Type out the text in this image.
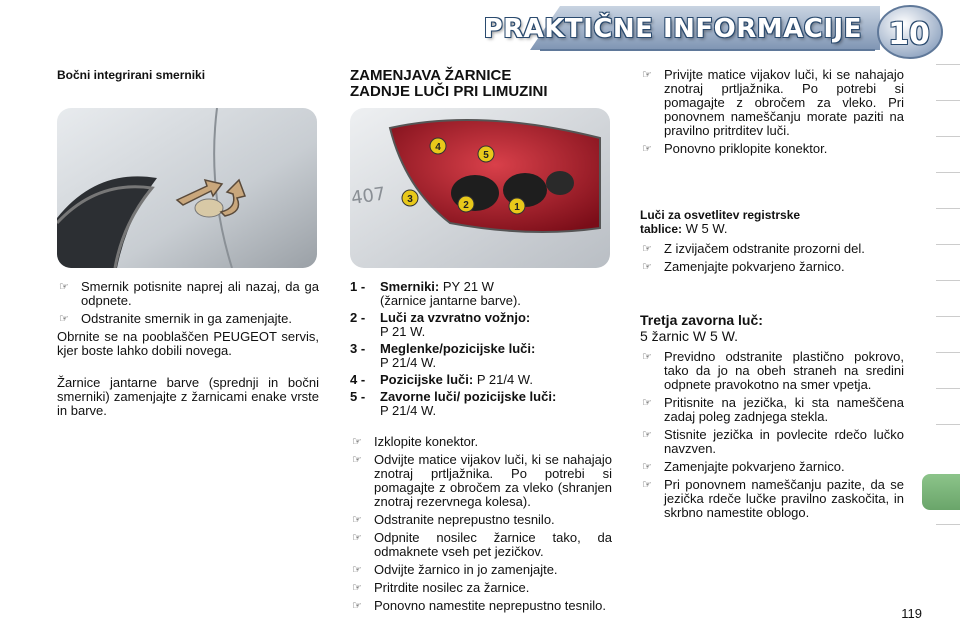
PRAKTIČNE INFORMACIJE 10
Bočni integrirani smerniki
☞ Smernik potisnite naprej ali nazaj, da ga odpnete.
☞ Odstranite smernik in ga zamenjajte.

Obrnite se na pooblaščen PEUGEOT servis, kjer boste lahko dobili novega.

Žarnice jantarne barve (sprednji in bočni smerniki) zamenjajte z žarnicami enake vrste in barve.

ZAMENJAVA ŽARNICE

ZADNJE LUČI PRI LIMUZINI

407
4
5
3
2	1
1 -	Smerniki: PY 21 W
(žarnice jantarne barve).
2 -	Luči za vzvratno vožnjo:
P 21 W.
3 -	Meglenke/pozicijske luči:
P 21/4 W.
4 -	Pozicijske luči: P 21/4 W.
5 -	Zavorne luči/ pozicijske luči:
P 21/4 W.
☞ Izklopite konektor.
☞ Odvijte matice vijakov luči, ki se nahajajo znotraj prtljažnika. Po potrebi si pomagajte z obročem za vleko (shranjen znotraj rezervnega kolesa).
☞ Odstranite neprepustno tesnilo.
☞ Odpnite nosilec žarnice tako, da odmaknete vseh pet jezičkov.
☞ Odvijte žarnico in jo zamenjajte.
☞ Pritrdite nosilec za žarnice.
☞ Ponovno namestite neprepustno tesnilo.
☞ Privijte matice vijakov luči, ki se nahajajo znotraj prtljažnika. Po potrebi si pomagajte z obročem za vleko. Pri ponovnem nameščanju morate paziti na pravilno pritrditev luči.
☞ Ponovno priklopite konektor.
Luči za osvetlitev registrske
tablice: W 5 W.
☞ Z izvijačem odstranite prozorni del.
☞ Zamenjajte pokvarjeno žarnico.

Tretja zavorna luč:

5 žarnic W 5 W.
☞ Previdno odstranite plastično pokrovo, tako da jo na obeh straneh na sredini odpnete pravokotno na smer vpetja.
☞ Pritisnite na jezička, ki sta nameščena zadaj poleg zadnjega stekla.
☞ Stisnite jezička in povlecite rdečo lučko navzven.
☞ Zamenjajte pokvarjeno žarnico.
☞ Pri ponovnem nameščanju pazite, da se jezička rdeče lučke pravilno zaskočita, in skrbno namestite oblogo.
119
